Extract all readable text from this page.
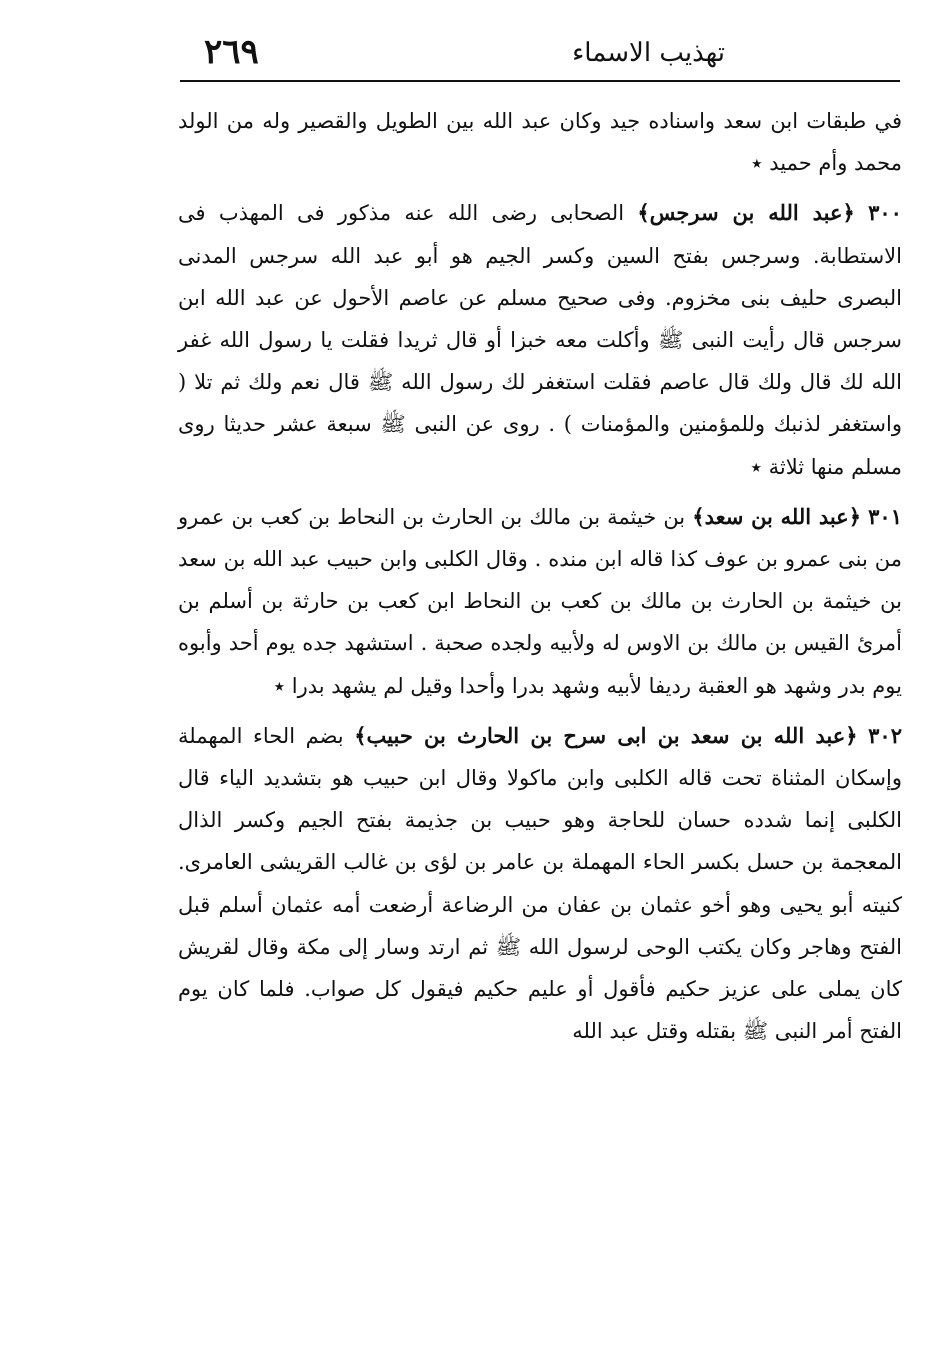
٢٦٩	تهذيب الاسماء

في طبقات ابن سعد واسناده جيد وكان عبد الله بين الطويل والقصير وله من الولد محمد وأم حميد ٭

٣٠٠ ﴿عبد الله بن سرجس﴾ الصحابى رضى الله عنه مذكور فى المهذب فى الاستطابة. وسرجس بفتح السين وكسر الجيم هو أبو عبد الله سرجس المدنى البصرى حليف بنى مخزوم. وفى صحيح مسلم عن عاصم الأحول عن عبد الله ابن سرجس قال رأيت النبى ﷺ وأكلت معه خبزا أو قال ثريدا فقلت يا رسول الله غفر الله لك قال ولك قال عاصم فقلت استغفر لك رسول الله ﷺ قال نعم ولك ثم تلا ( واستغفر لذنبك وللمؤمنين والمؤمنات ) . روى عن النبى ﷺ سبعة عشر حديثا روى مسلم منها ثلاثة ٭

٣٠١ ﴿عبد الله بن سعد﴾ بن خيثمة بن مالك بن الحارث بن النحاط بن كعب بن عمرو من بنى عمرو بن عوف كذا قاله ابن منده . وقال الكلبى وابن حبيب عبد الله بن سعد بن خيثمة بن الحارث بن مالك بن كعب بن النحاط ابن كعب بن حارثة بن أسلم بن أمرئ القيس بن مالك بن الاوس له ولأبيه ولجده صحبة . استشهد جده يوم أحد وأبوه يوم بدر وشهد هو العقبة رديفا لأبيه وشهد بدرا وأحدا وقيل لم يشهد بدرا ٭

٣٠٢ ﴿عبد الله بن سعد بن ابى سرح بن الحارث بن حبيب﴾ بضم الحاء المهملة وإسكان المثناة تحت قاله الكلبى وابن ماكولا وقال ابن حبيب هو بتشديد الياء قال الكلبى إنما شدده حسان للحاجة وهو حبيب بن جذيمة بفتح الجيم وكسر الذال المعجمة بن حسل بكسر الحاء المهملة بن عامر بن لؤى بن غالب القريشى العامرى. كنيته أبو يحيى وهو أخو عثمان بن عفان من الرضاعة أرضعت أمه عثمان أسلم قبل الفتح وهاجر وكان يكتب الوحى لرسول الله ﷺ ثم ارتد وسار إلى مكة وقال لقريش كان يملى على عزيز حكيم فأقول أو عليم حكيم فيقول كل صواب. فلما كان يوم الفتح أمر النبى ﷺ بقتله وقتل عبد الله
